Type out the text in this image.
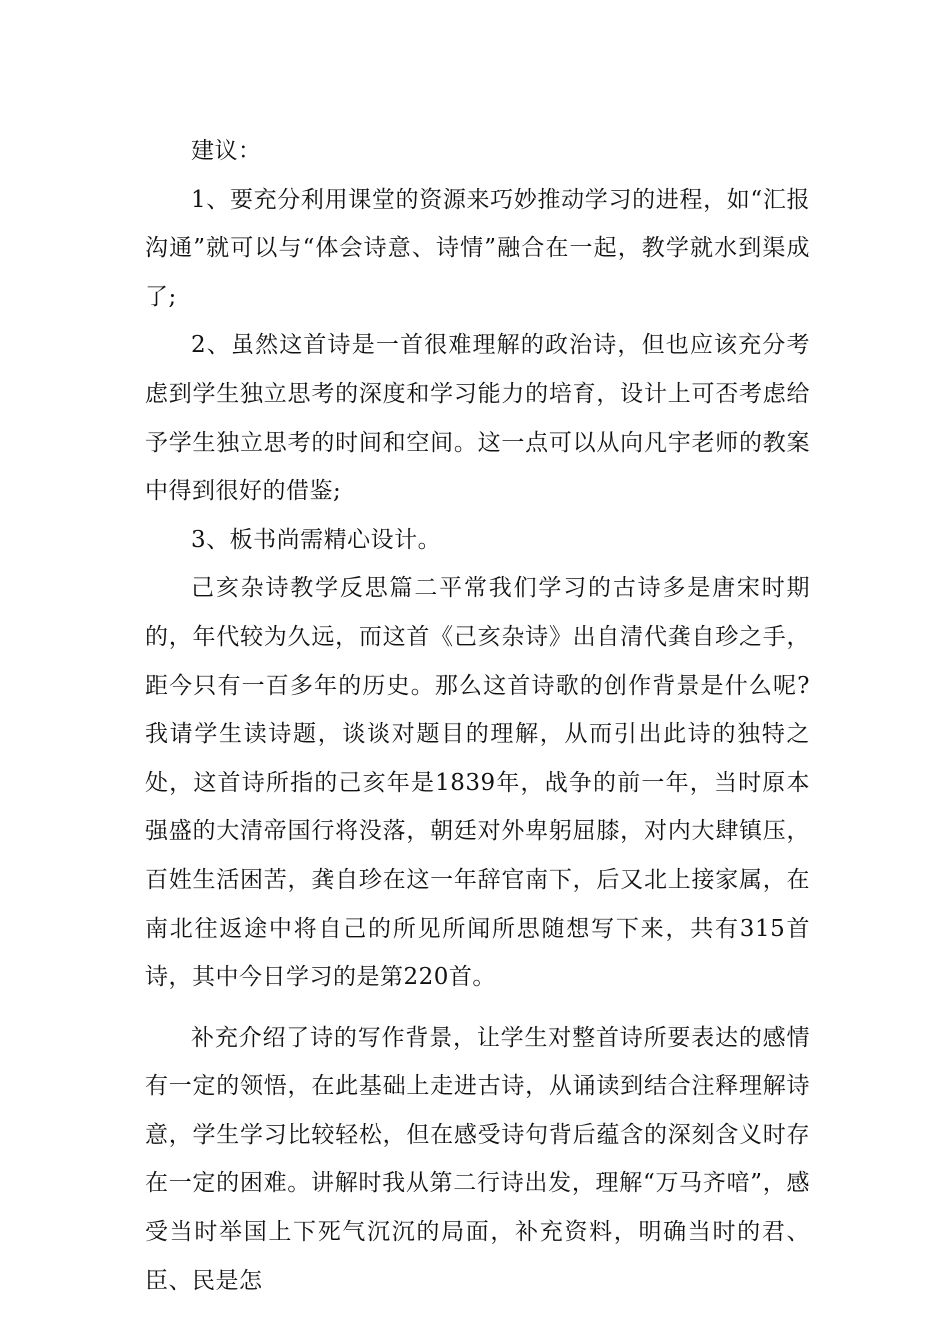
建议：

1、要充分利用课堂的资源来巧妙推动学习的进程，如“汇报沟通”就可以与“体会诗意、诗情”融合在一起，教学就水到渠成了;

2、虽然这首诗是一首很难理解的政治诗，但也应该充分考虑到学生独立思考的深度和学习能力的培育，设计上可否考虑给予学生独立思考的时间和空间。这一点可以从向凡宇老师的教案中得到很好的借鉴;

3、板书尚需精心设计。

己亥杂诗教学反思篇二平常我们学习的古诗多是唐宋时期的，年代较为久远，而这首《己亥杂诗》出自清代龚自珍之手，距今只有一百多年的历史。那么这首诗歌的创作背景是什么呢?我请学生读诗题，谈谈对题目的理解，从而引出此诗的独特之处，这首诗所指的己亥年是1839年，战争的前一年，当时原本强盛的大清帝国行将没落，朝廷对外卑躬屈膝，对内大肆镇压，百姓生活困苦，龚自珍在这一年辞官南下，后又北上接家属，在南北往返途中将自己的所见所闻所思随想写下来，共有315首诗，其中今日学习的是第220首。

补充介绍了诗的写作背景，让学生对整首诗所要表达的感情有一定的领悟，在此基础上走进古诗，从诵读到结合注释理解诗意，学生学习比较轻松，但在感受诗句背后蕴含的深刻含义时存在一定的困难。讲解时我从第二行诗出发，理解“万马齐喑”，感受当时举国上下死气沉沉的局面，补充资料，明确当时的君、臣、民是怎
